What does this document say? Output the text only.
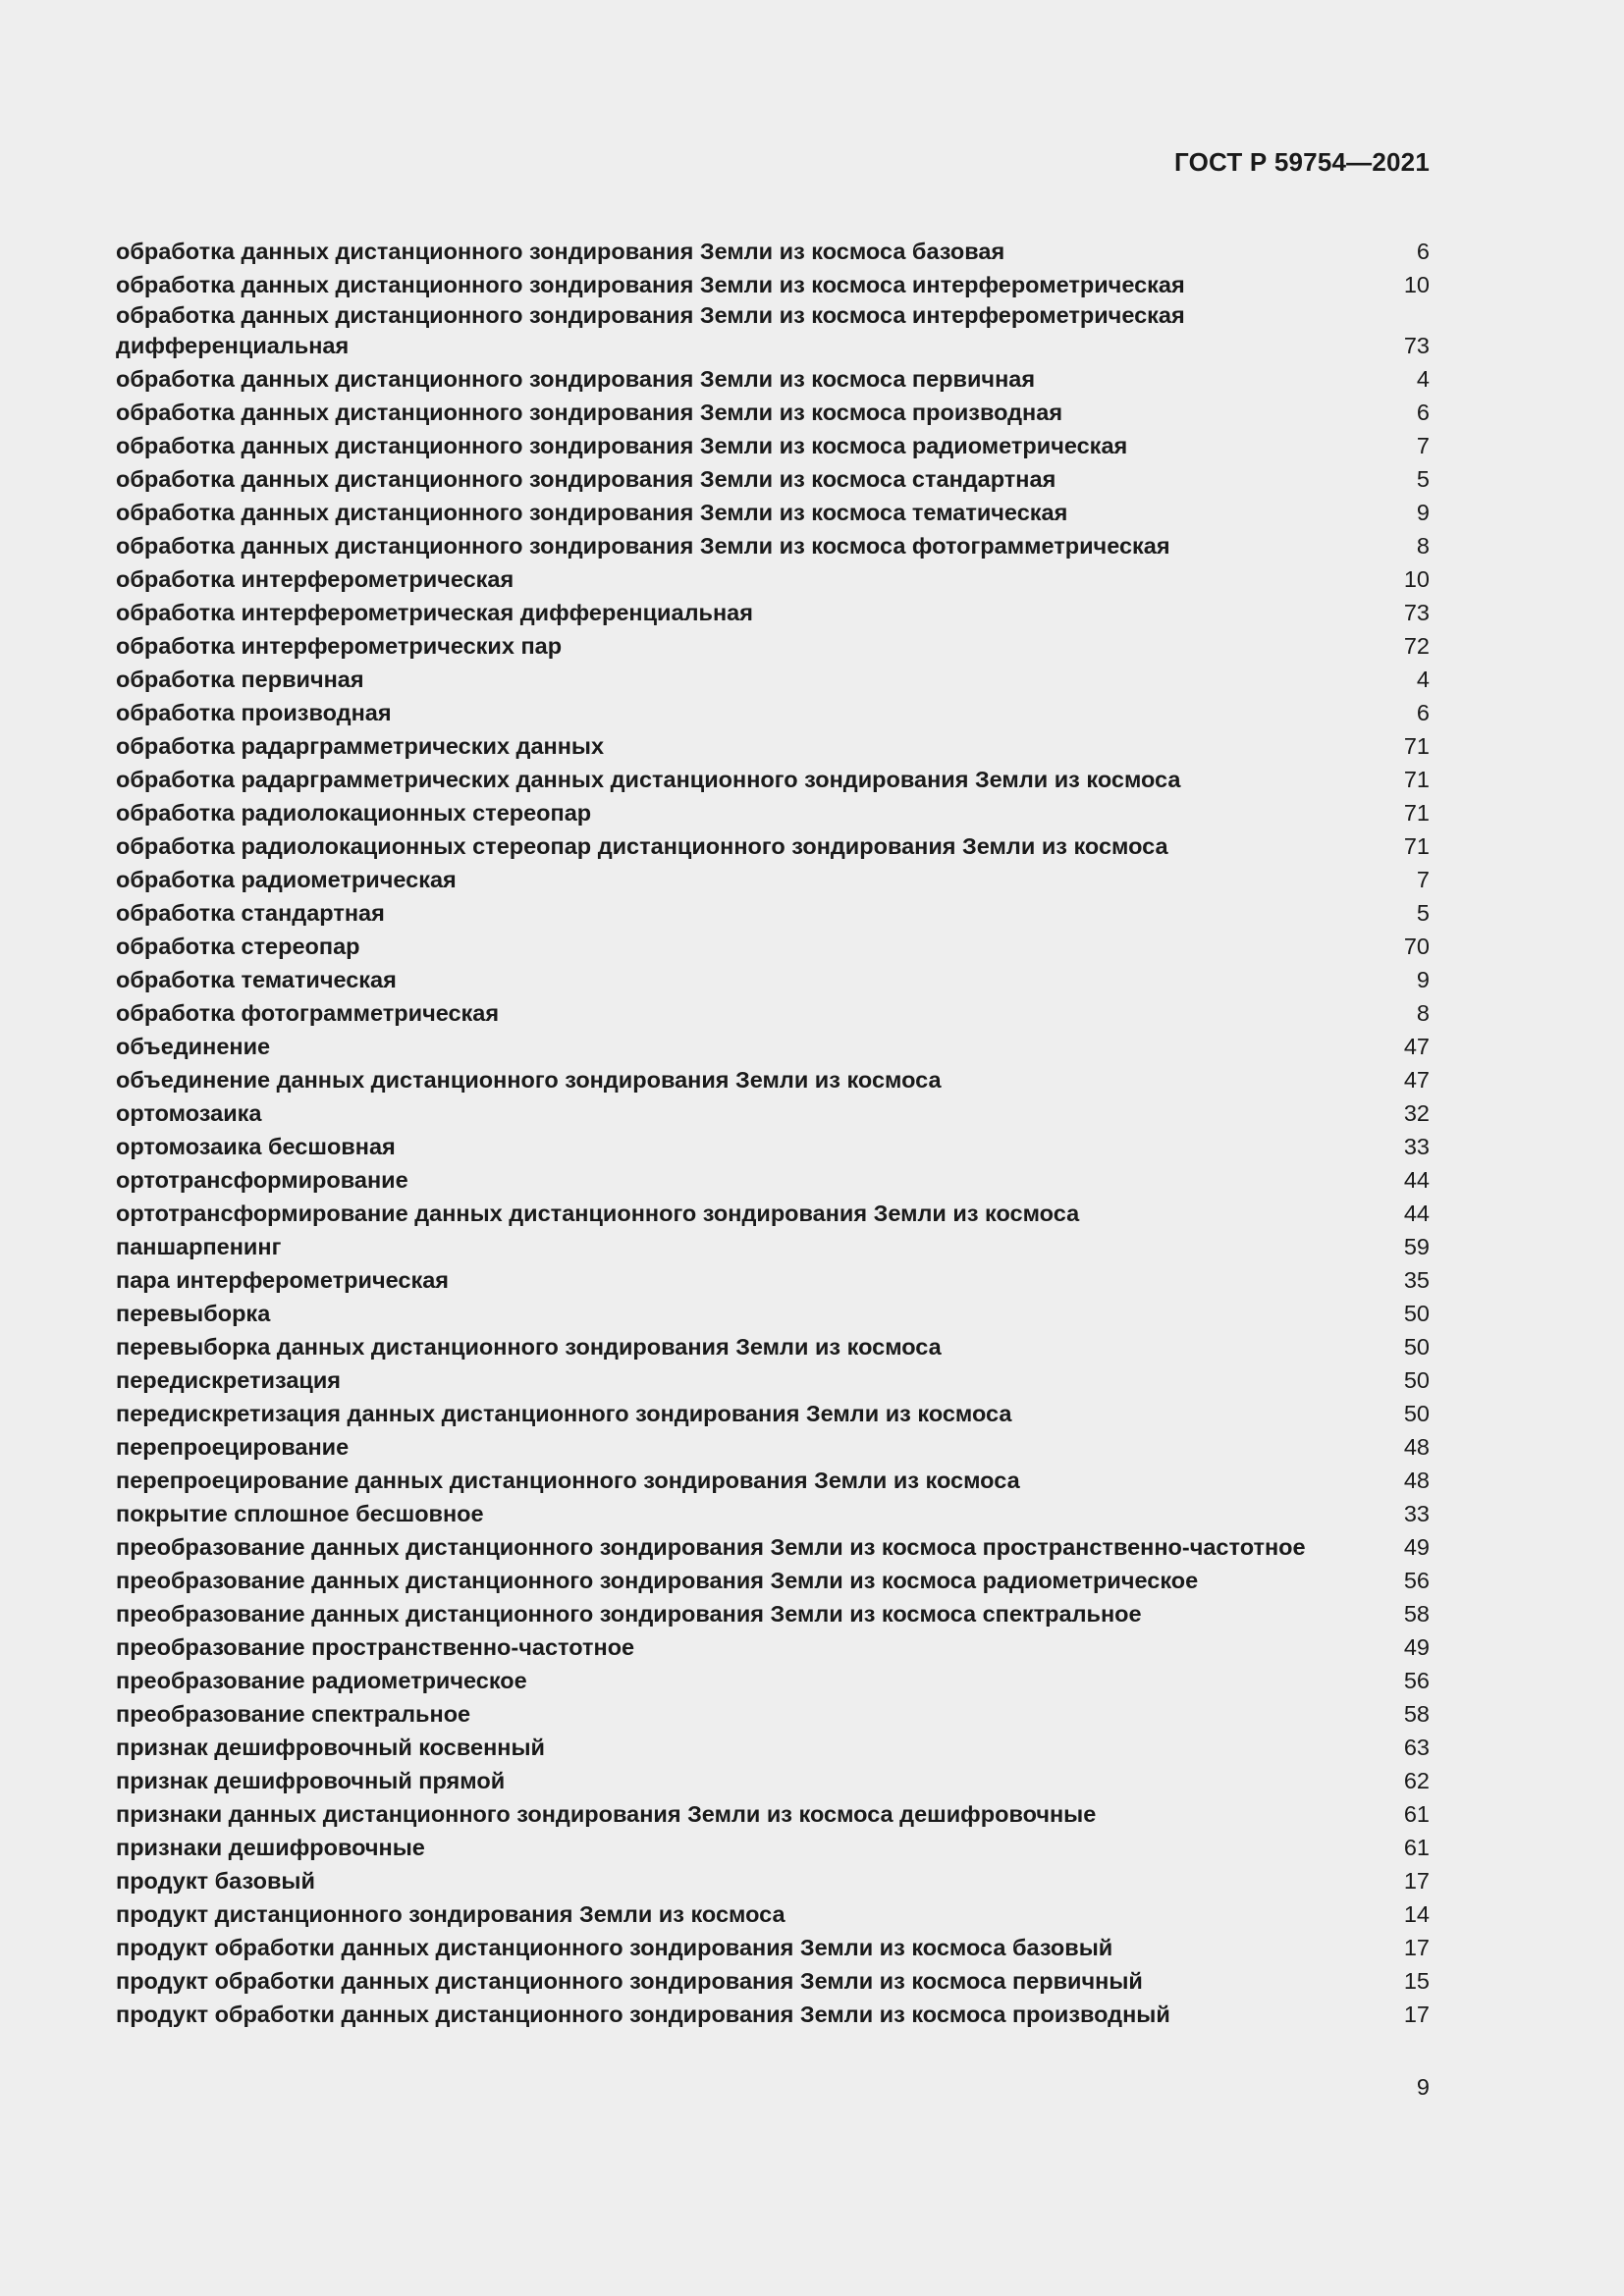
ГОСТ Р 59754—2021
обработка данных дистанционного зондирования Земли из космоса базовая	6
обработка данных дистанционного зондирования Земли из космоса интерферометрическая	10
обработка данных дистанционного зондирования Земли из космоса интерферометрическая дифференциальная	73
обработка данных дистанционного зондирования Земли из космоса первичная	4
обработка данных дистанционного зондирования Земли из космоса производная	6
обработка данных дистанционного зондирования Земли из космоса радиометрическая	7
обработка данных дистанционного зондирования Земли из космоса стандартная	5
обработка данных дистанционного зондирования Земли из космоса тематическая	9
обработка данных дистанционного зондирования Земли из космоса фотограмметрическая	8
обработка интерферометрическая	10
обработка интерферометрическая дифференциальная	73
обработка интерферометрических пар	72
обработка первичная	4
обработка производная	6
обработка радарграмметрических данных	71
обработка радарграмметрических данных дистанционного зондирования Земли из космоса	71
обработка радиолокационных стереопар	71
обработка радиолокационных стереопар дистанционного зондирования Земли из космоса	71
обработка радиометрическая	7
обработка стандартная	5
обработка стереопар	70
обработка тематическая	9
обработка фотограмметрическая	8
объединение	47
объединение данных дистанционного зондирования Земли из космоса	47
ортомозаика	32
ортомозаика бесшовная	33
ортотрансформирование	44
ортотрансформирование данных дистанционного зондирования Земли из космоса	44
паншарпенинг	59
пара интерферометрическая	35
перевыборка	50
перевыборка данных дистанционного зондирования Земли из космоса	50
передискретизация	50
передискретизация данных дистанционного зондирования Земли из космоса	50
перепроецирование	48
перепроецирование данных дистанционного зондирования Земли из космоса	48
покрытие сплошное бесшовное	33
преобразование данных дистанционного зондирования Земли из космоса пространственно-частотное	49
преобразование данных дистанционного зондирования Земли из космоса радиометрическое	56
преобразование данных дистанционного зондирования Земли из космоса спектральное	58
преобразование пространственно-частотное	49
преобразование радиометрическое	56
преобразование спектральное	58
признак дешифровочный косвенный	63
признак дешифровочный прямой	62
признаки данных дистанционного зондирования Земли из космоса дешифровочные	61
признаки дешифровочные	61
продукт базовый	17
продукт дистанционного зондирования Земли из космоса	14
продукт обработки данных дистанционного зондирования Земли из космоса базовый	17
продукт обработки данных дистанционного зондирования Земли из космоса первичный	15
продукт обработки данных дистанционного зондирования Земли из космоса производный	17
9
